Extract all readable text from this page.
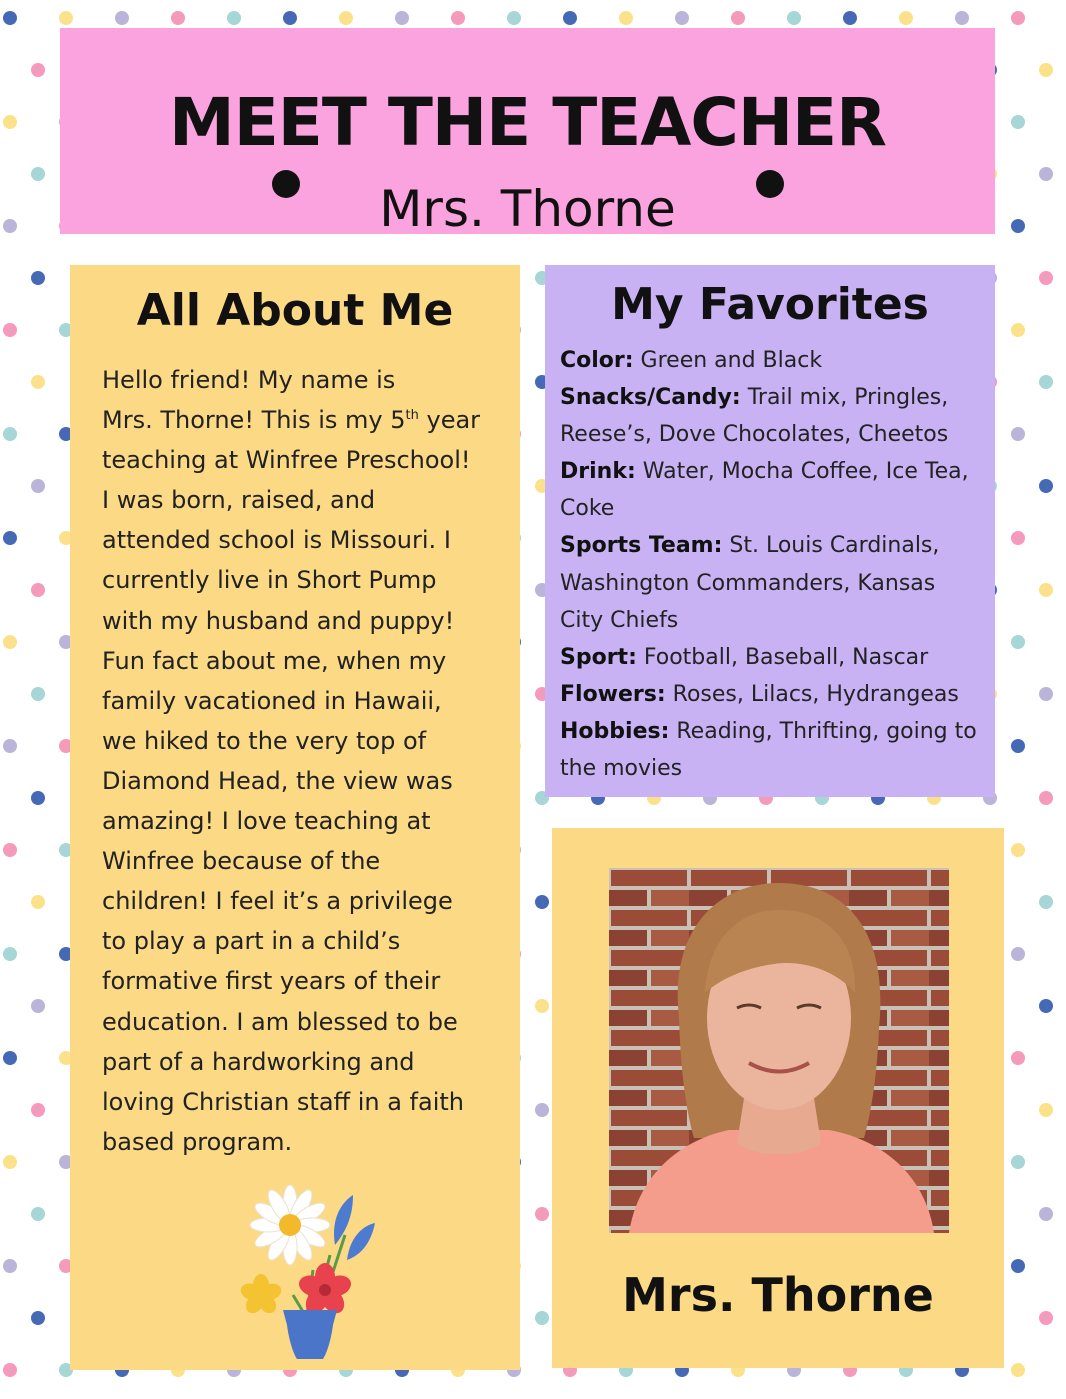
MEET THE TEACHER
Mrs. Thorne
All About Me
Hello friend! My name is
Mrs. Thorne! This is my 5th year
teaching at Winfree Preschool!
I was born, raised, and
attended school is Missouri. I
currently live in Short Pump
with my husband and puppy!
Fun fact about me, when my
family vacationed in Hawaii,
we hiked to the very top of
Diamond Head, the view was
amazing! I love teaching at
Winfree because of the
children! I feel it’s a privilege
to play a part in a child’s
formative first years of their
education. I am blessed to be
part of a hardworking and
loving Christian staff in a faith
based program.
My Favorites
Color: Green and Black
Snacks/Candy: Trail mix, Pringles, Reese’s, Dove Chocolates, Cheetos
Drink: Water, Mocha Coffee, Ice Tea, Coke
Sports Team: St. Louis Cardinals, Washington Commanders, Kansas City Chiefs
Sport: Football, Baseball, Nascar
Flowers: Roses, Lilacs, Hydrangeas
Hobbies: Reading, Thrifting, going to the movies
Mrs. Thorne
